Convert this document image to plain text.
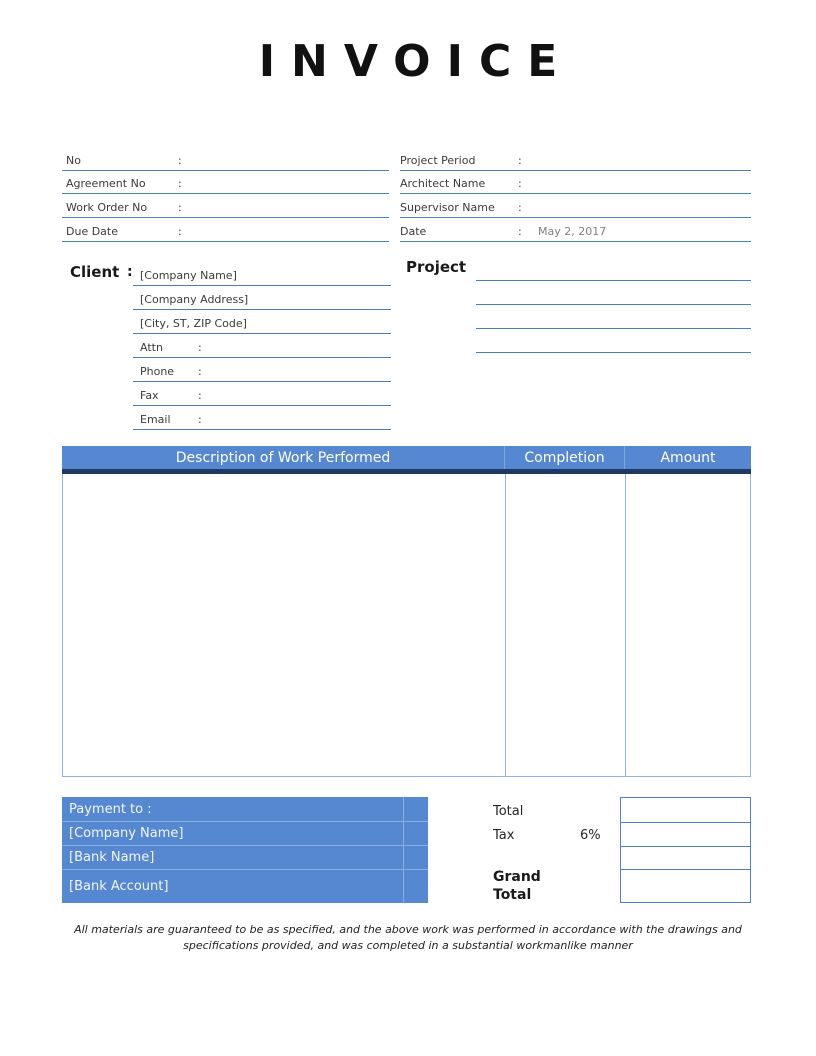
INVOICE
No	:
Agreement No	:
Work Order No	:
Due Date	:
Project Period	:
Architect Name	:
Supervisor Name :
Date	: May 2, 2017
Client : [Company Name]
[Company Address]
[City, ST, ZIP Code]
Attn	:
Phone :
Fax	:
Email :
Project
Description of Work Performed	Completion	Amount
Payment to :
[Company Name]
[Bank Name]
[Bank Account]
Total
Tax	6%
Grand Total
All materials are guaranteed to be as specified, and the above work was performed in accordance with the drawings and specifications provided, and was completed in a substantial workmanlike manner
